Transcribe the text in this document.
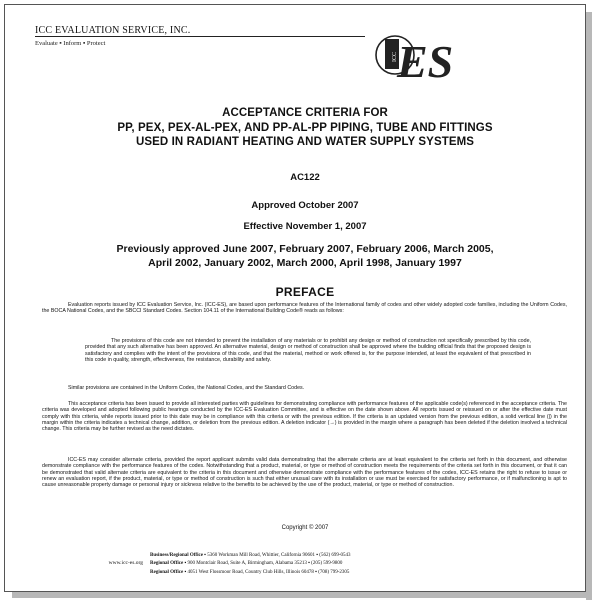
ICC EVALUATION SERVICE, INC.
Evaluate ▪ Inform ▪ Protect
ICC ES
ACCEPTANCE CRITERIA FOR
PP, PEX, PEX-AL-PEX, AND PP-AL-PP PIPING, TUBE AND FITTINGS
USED IN RADIANT HEATING AND WATER SUPPLY SYSTEMS
AC122
Approved October 2007
Effective November 1, 2007
Previously approved June 2007, February 2007, February 2006, March 2005,
April 2002, January 2002, March 2000, April 1998, January 1997
PREFACE
Evaluation reports issued by ICC Evaluation Service, Inc. (ICC-ES), are based upon performance features of the International family of codes and other widely adopted code families, including the Uniform Codes, the BOCA National Codes, and the SBCCI Standard Codes. Section 104.11 of the International Building Code® reads as follows:
The provisions of this code are not intended to prevent the installation of any materials or to prohibit any design or method of construction not specifically prescribed by this code, provided that any such alternative has been approved. An alternative material, design or method of construction shall be approved where the building official finds that the proposed design is satisfactory and complies with the intent of the provisions of this code, and that the material, method or work offered is, for the purpose intended, at least the equivalent of that prescribed in this code in quality, strength, effectiveness, fire resistance, durability and safety.
Similar provisions are contained in the Uniform Codes, the National Codes, and the Standard Codes.
This acceptance criteria has been issued to provide all interested parties with guidelines for demonstrating compliance with performance features of the applicable code(s) referenced in the acceptance criteria. The criteria was developed and adopted following public hearings conducted by the ICC-ES Evaluation Committee, and is effective on the date shown above. All reports issued or reissued on or after the effective date must comply with this criteria, while reports issued prior to this date may be in compliance with this criteria or with the previous edition. If the criteria is an updated version from the previous edition, a solid vertical line (|) in the margin within the criteria indicates a technical change, addition, or deletion from the previous edition. A deletion indicator (→) is provided in the margin where a paragraph has been deleted if the deletion involved a technical change. This criteria may be further revised as the need dictates.
ICC-ES may consider alternate criteria, provided the report applicant submits valid data demonstrating that the alternate criteria are at least equivalent to the criteria set forth in this document, and otherwise demonstrate compliance with the performance features of the codes. Notwithstanding that a product, material, or type or method of construction meets the requirements of the criteria set forth in this document, or that it can be demonstrated that valid alternate criteria are equivalent to the criteria in this document and otherwise demonstrate compliance with the performance features of the codes, ICC-ES retains the right to refuse to issue or renew an evaluation report, if the product, material, or type or method of construction is such that either unusual care with its installation or use must be exercised for satisfactory performance, or if malfunctioning is apt to cause unreasonable property damage or personal injury or sickness relative to the benefits to be achieved by the use of the product, material, or type or method of construction.
Copyright © 2007
www.icc-es.org
Business/Regional Office ▪ 5360 Workman Mill Road, Whittier, California 90601 ▪ (562) 699-0543
Regional Office ▪ 900 Montclair Road, Suite A, Birmingham, Alabama 35213 ▪ (205) 599-9800
Regional Office ▪ 4051 West Flossmoor Road, Country Club Hills, Illinois 60478 ▪ (708) 799-2305
